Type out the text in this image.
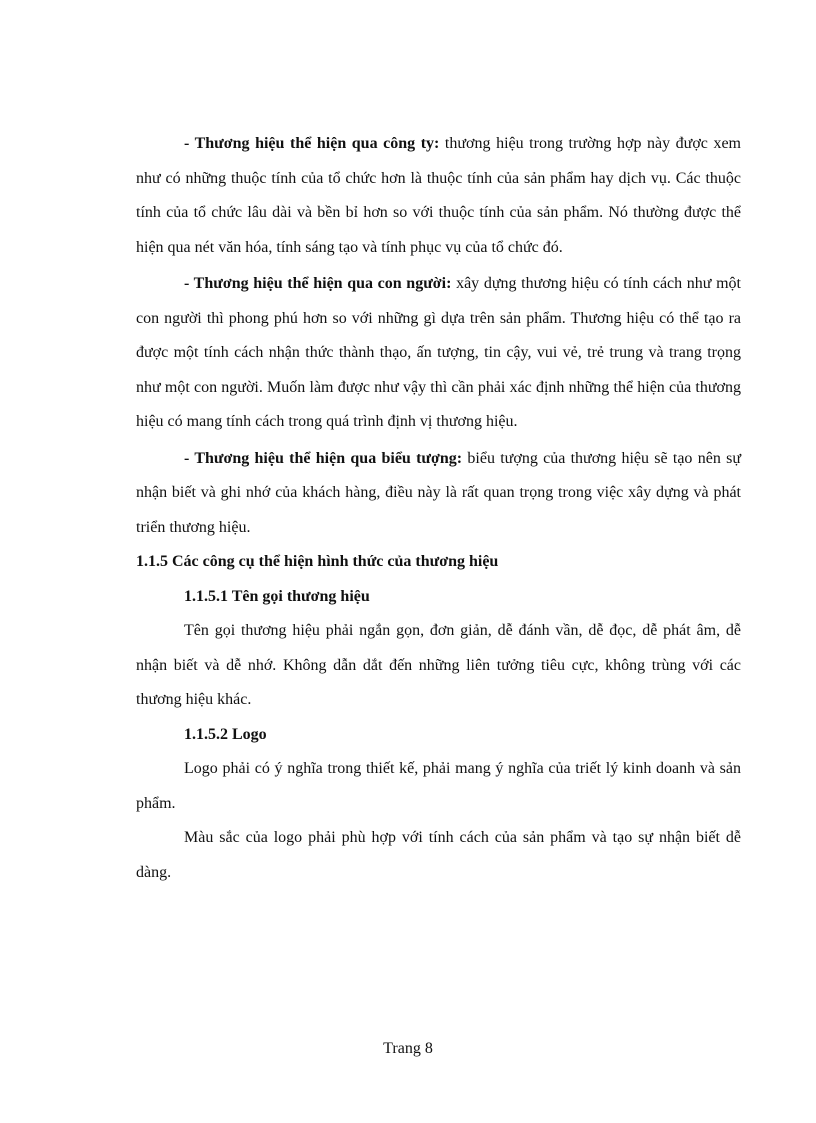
- Thương hiệu thể hiện qua công ty: thương hiệu trong trường hợp này được xem như có những thuộc tính của tổ chức hơn là thuộc tính của sản phẩm hay dịch vụ. Các thuộc tính của tổ chức lâu dài và bền bỉ hơn so với thuộc tính của sản phẩm. Nó thường được thể hiện qua nét văn hóa, tính sáng tạo và tính phục vụ của tổ chức đó.

- Thương hiệu thể hiện qua con người: xây dựng thương hiệu có tính cách như một con người thì phong phú hơn so với những gì dựa trên sản phẩm. Thương hiệu có thể tạo ra được một tính cách nhận thức thành thạo, ấn tượng, tin cậy, vui vẻ, trẻ trung và trang trọng như một con người. Muốn làm được như vậy thì cần phải xác định những thể hiện của thương hiệu có mang tính cách trong quá trình định vị thương hiệu.

- Thương hiệu thể hiện qua biểu tượng: biểu tượng của thương hiệu sẽ tạo nên sự nhận biết và ghi nhớ của khách hàng, điều này là rất quan trọng trong việc xây dựng và phát triển thương hiệu.

1.1.5 Các công cụ thể hiện hình thức của thương hiệu

1.1.5.1 Tên gọi thương hiệu

Tên gọi thương hiệu phải ngắn gọn, đơn giản, dễ đánh vần, dễ đọc, dễ phát âm, dễ nhận biết và dễ nhớ. Không dẫn dắt đến những liên tưởng tiêu cực, không trùng với các thương hiệu khác.

1.1.5.2 Logo

Logo phải có ý nghĩa trong thiết kế, phải mang ý nghĩa của triết lý kinh doanh và sản phẩm.

Màu sắc của logo phải phù hợp với tính cách của sản phẩm và tạo sự nhận biết dễ dàng.

Trang 8
